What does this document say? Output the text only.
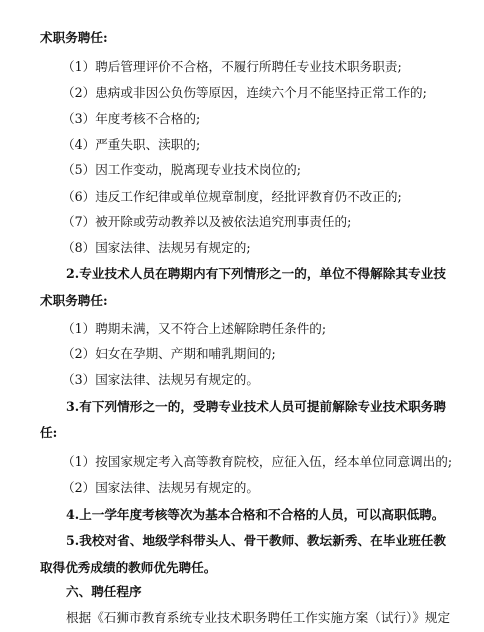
术职务聘任:
（1）聘后管理评价不合格，不履行所聘任专业技术职务职责;
（2）患病或非因公负伤等原因，连续六个月不能坚持正常工作的;
（3）年度考核不合格的;
（4）严重失职、渎职的;
（5）因工作变动，脱离现专业技术岗位的;
（6）违反工作纪律或单位规章制度，经批评教育仍不改正的;
（7）被开除或劳动教养以及被依法追究刑事责任的;
（8）国家法律、法规另有规定的;
2.专业技术人员在聘期内有下列情形之一的，单位不得解除其专业技
术职务聘任:
（1）聘期未满，又不符合上述解除聘任条件的;
（2）妇女在孕期、产期和哺乳期间的;
（3）国家法律、法规另有规定的。
3.有下列情形之一的，受聘专业技术人员可提前解除专业技术职务聘
任:
（1）按国家规定考入高等教育院校，应征入伍，经本单位同意调出的;
（2）国家法律、法规另有规定的。
4.上一学年度考核等次为基本合格和不合格的人员，可以高职低聘。
5.我校对省、地级学科带头人、骨干教师、教坛新秀、在毕业班任教
取得优秀成绩的教师优先聘任。
六、聘任程序
根据《石狮市教育系统专业技术职务聘任工作实施方案（试行）》规定
